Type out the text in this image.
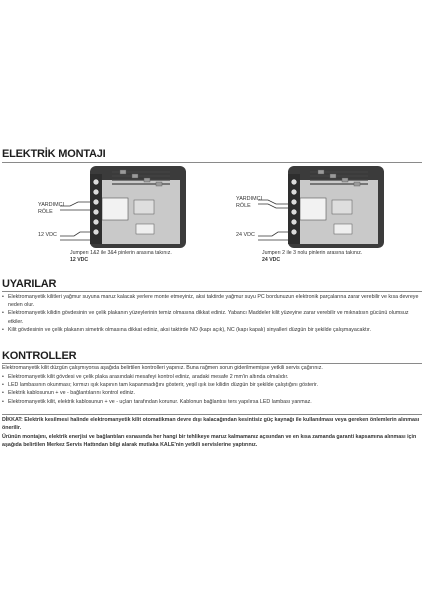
ELEKTRİK MONTAJI
YARDIMCI
RÖLE
12 VDC
Jumperı 1&2 ile 3&4 pinlerin arasına takınız.
12 VDC
YARDIMCI
RÖLE
24 VDC
Jumperı 2 ile 3 nolu pinlerin arasına takınız.
24 VDC
UYARILAR
• Elektromanyetik kilitleri yağmur suyuna maruz kalacak yerlere monte etmeyiniz, aksi taktirde yağmur suyu PC bordunuzun elektronik parçalarına zarar verebilir ve kısa devreye neden olur.
• Elektromanyetik kilidin gövdesinin ve çelik plakanın yüzeylerinin temiz olmasına dikkat ediniz. Yabancı Maddeler kilit yüzeyine zarar verebilir ve mıknatısın gücünü olumsuz etkiler.
• Kilit gövdesinin ve çelik plakanın simetrik olmasına dikkat ediniz, aksi taktirde NO (kapı açık), NC (kapı kapalı) sinyalleri düzgün bir şekilde çalışmayacaktır.
KONTROLLER
Elektromanyetik kilit düzgün çalışmıyorsa aşağıda belirtilen kontrolleri yapınız. Buna rağmen sorun giderilmemişse yetkili servis çağırınız.
• Elektromanyetik kilit gövdesi ve çelik plaka arasındaki mesafeyi kontrol ediniz, aradaki mesafe 2 mm'in altında olmalıdır.
• LED lambasının okunması; kırmızı ışık kapının tam kapanmadığını gösterir, yeşil ışık ise kilidin düzgün bir şekilde çalıştığını gösterir.
• Elektrik kablosunun + ve - bağlantılarını kontrol ediniz.
• Elektromanyetik kilit, elektrik kablosunun + ve - uçları tarafından korunur. Kablonun bağlantısı ters yapılırsa LED lambası yanmaz.
DİKKAT: Elektrik kesilmesi halinde elektromanyetik kilit otomatikman devre dışı kalacağından kesintisiz güç kaynağı ile kullanılması veya gereken önlemlerin alınması önerilir.
Ürünün montajını, elektrik enerjisi ve bağlantıları esnasında her hangi bir tehlikeye maruz kalmamanız açısından ve en kısa zamanda garanti kapsamına alınması için aşağıda belirtilen Merkez Servis Hattından bilgi alarak mutlaka KALE'nin yetkili servislerine yaptırınız.
